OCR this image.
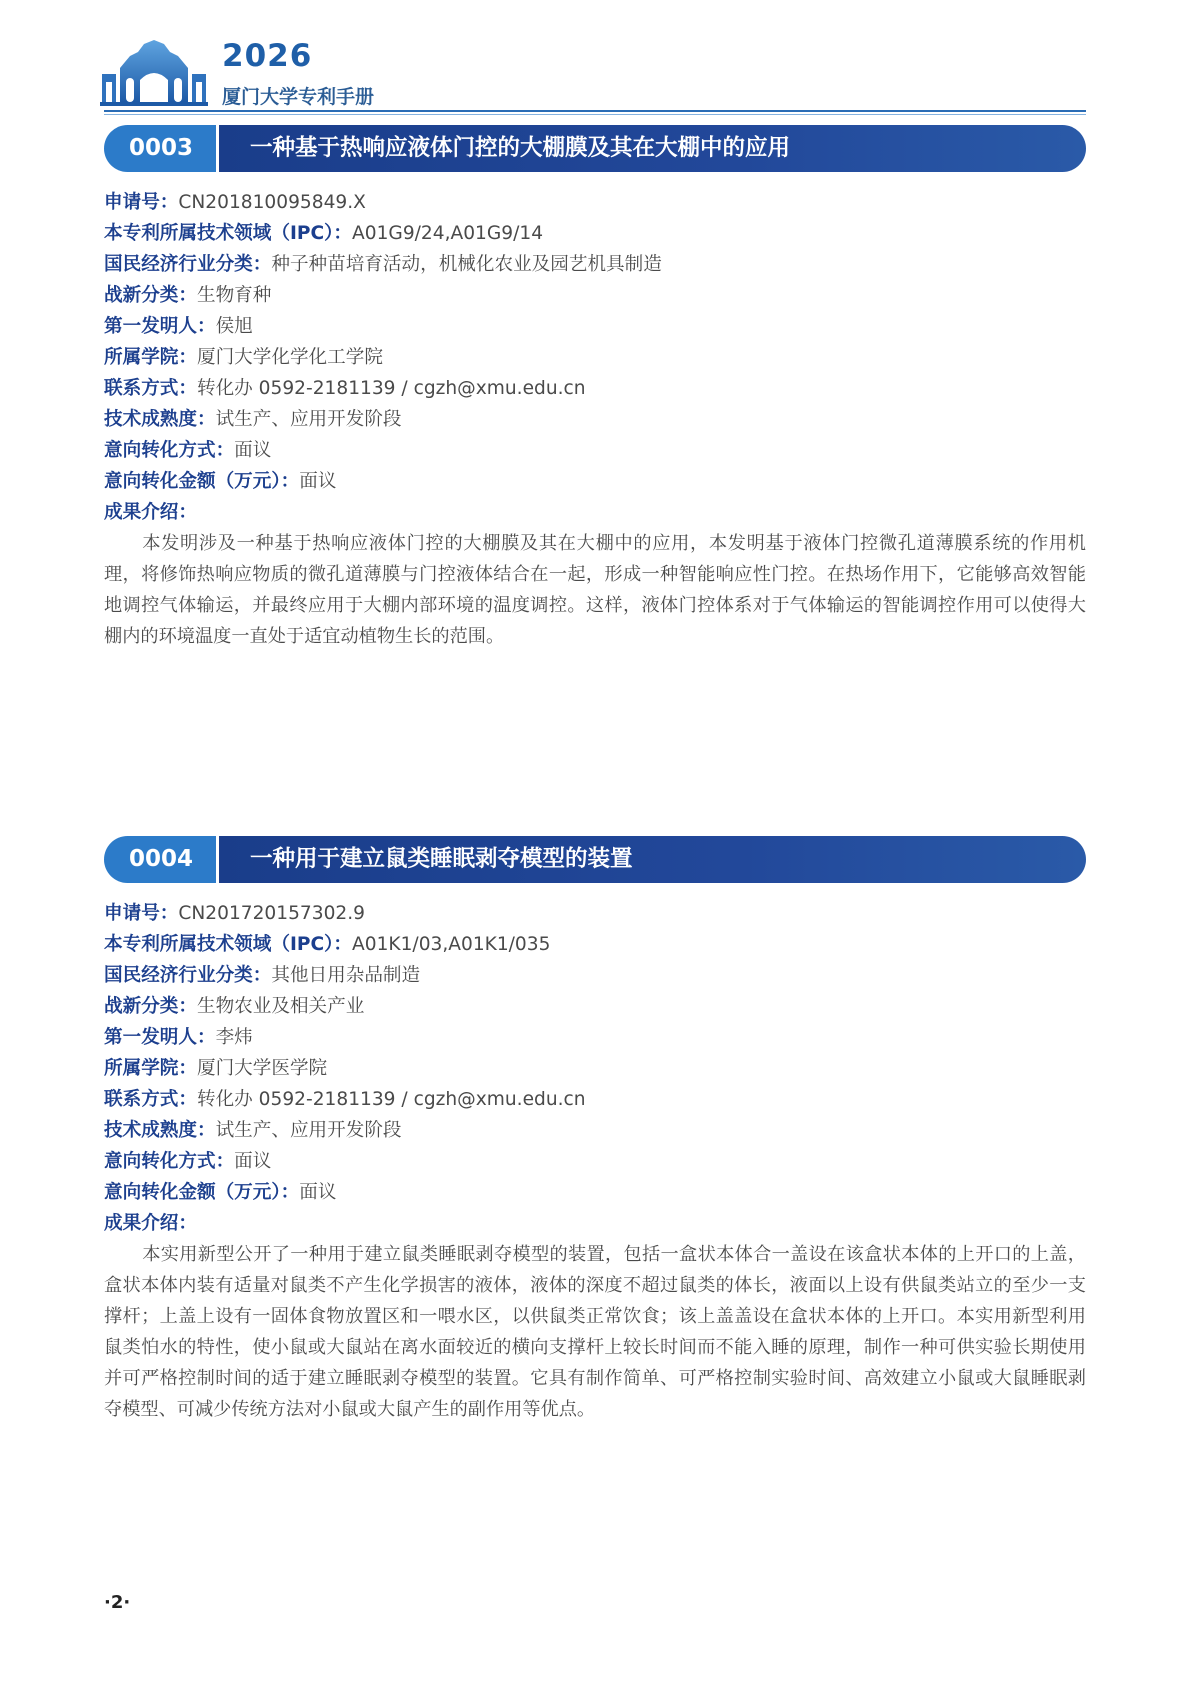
2026
厦门大学专利手册
0003	一种基于热响应液体门控的大棚膜及其在大棚中的应用
申请号：CN201810095849.X
本专利所属技术领域（IPC）：A01G9/24,A01G9/14
国民经济行业分类：种子种苗培育活动，机械化农业及园艺机具制造
战新分类：生物育种
第一发明人：侯旭
所属学院：厦门大学化学化工学院
联系方式：转化办 0592-2181139 / cgzh@xmu.edu.cn
技术成熟度：试生产、应用开发阶段
意向转化方式：面议
意向转化金额（万元）：面议
成果介绍：

本发明涉及一种基于热响应液体门控的大棚膜及其在大棚中的应用，本发明基于液体门控微孔道薄膜系统的作用机理，将修饰热响应物质的微孔道薄膜与门控液体结合在一起，形成一种智能响应性门控。在热场作用下，它能够高效智能地调控气体输运，并最终应用于大棚内部环境的温度调控。这样，液体门控体系对于气体输运的智能调控作用可以使得大棚内的环境温度一直处于适宜动植物生长的范围。

0004	一种用于建立鼠类睡眠剥夺模型的装置
申请号：CN201720157302.9
本专利所属技术领域（IPC）：A01K1/03,A01K1/035
国民经济行业分类：其他日用杂品制造
战新分类：生物农业及相关产业
第一发明人：李炜
所属学院：厦门大学医学院
联系方式：转化办 0592-2181139 / cgzh@xmu.edu.cn
技术成熟度：试生产、应用开发阶段
意向转化方式：面议
意向转化金额（万元）：面议
成果介绍：

本实用新型公开了一种用于建立鼠类睡眠剥夺模型的装置，包括一盒状本体合一盖设在该盒状本体的上开口的上盖，盒状本体内装有适量对鼠类不产生化学损害的液体，液体的深度不超过鼠类的体长，液面以上设有供鼠类站立的至少一支撑杆；上盖上设有一固体食物放置区和一喂水区，以供鼠类正常饮食；该上盖盖设在盒状本体的上开口。本实用新型利用鼠类怕水的特性，使小鼠或大鼠站在离水面较近的横向支撑杆上较长时间而不能入睡的原理，制作一种可供实验长期使用并可严格控制时间的适于建立睡眠剥夺模型的装置。它具有制作简单、可严格控制实验时间、高效建立小鼠或大鼠睡眠剥夺模型、可减少传统方法对小鼠或大鼠产生的副作用等优点。

·2·
